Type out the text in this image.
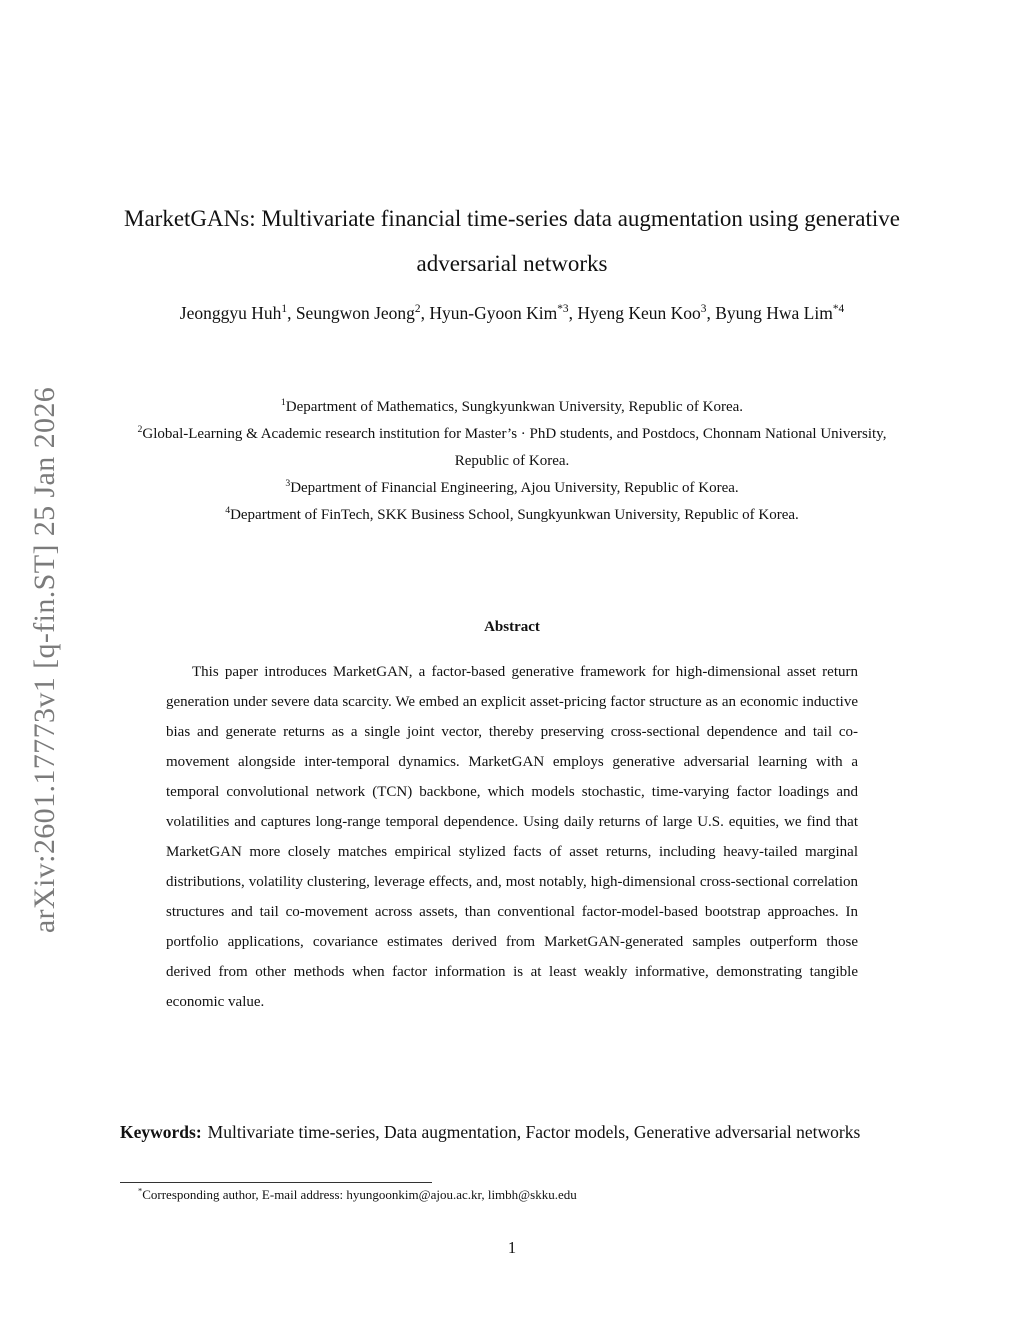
arXiv:2601.17773v1 [q-fin.ST] 25 Jan 2026
MarketGANs: Multivariate financial time-series data augmentation using generative adversarial networks
Jeonggyu Huh$^1$, Seungwon Jeong$^2$, Hyun-Gyoon Kim$^{*3}$, Hyeng Keun Koo$^3$, Byung Hwa Lim$^{*4}$
$^1$Department of Mathematics, Sungkyunkwan University, Republic of Korea.
$^2$Global-Learning & Academic research institution for Master’s · PhD students, and Postdocs, Chonnam National University, Republic of Korea.
$^3$Department of Financial Engineering, Ajou University, Republic of Korea.
$^4$Department of FinTech, SKK Business School, Sungkyunkwan University, Republic of Korea.
Abstract

This paper introduces MarketGAN, a factor-based generative framework for high-dimensional asset return generation under severe data scarcity. We embed an explicit asset-pricing factor structure as an economic inductive bias and generate returns as a single joint vector, thereby preserving cross-sectional dependence and tail co-movement alongside inter-temporal dynamics. MarketGAN employs generative adversarial learning with a temporal convolutional network (TCN) backbone, which models stochastic, time-varying factor loadings and volatilities and captures long-range temporal dependence. Using daily returns of large U.S. equities, we find that MarketGAN more closely matches empirical stylized facts of asset returns, including heavy-tailed marginal distributions, volatility clustering, leverage effects, and, most notably, high-dimensional cross-sectional correlation structures and tail co-movement across assets, than conventional factor-model-based bootstrap approaches. In portfolio applications, covariance estimates derived from MarketGAN-generated samples outperform those derived from other methods when factor information is at least weakly informative, demonstrating tangible economic value.

Keywords: Multivariate time-series, Data augmentation, Factor models, Generative adversarial networks
*Corresponding author, E-mail address: hyungoonkim@ajou.ac.kr, limbh@skku.edu
1
